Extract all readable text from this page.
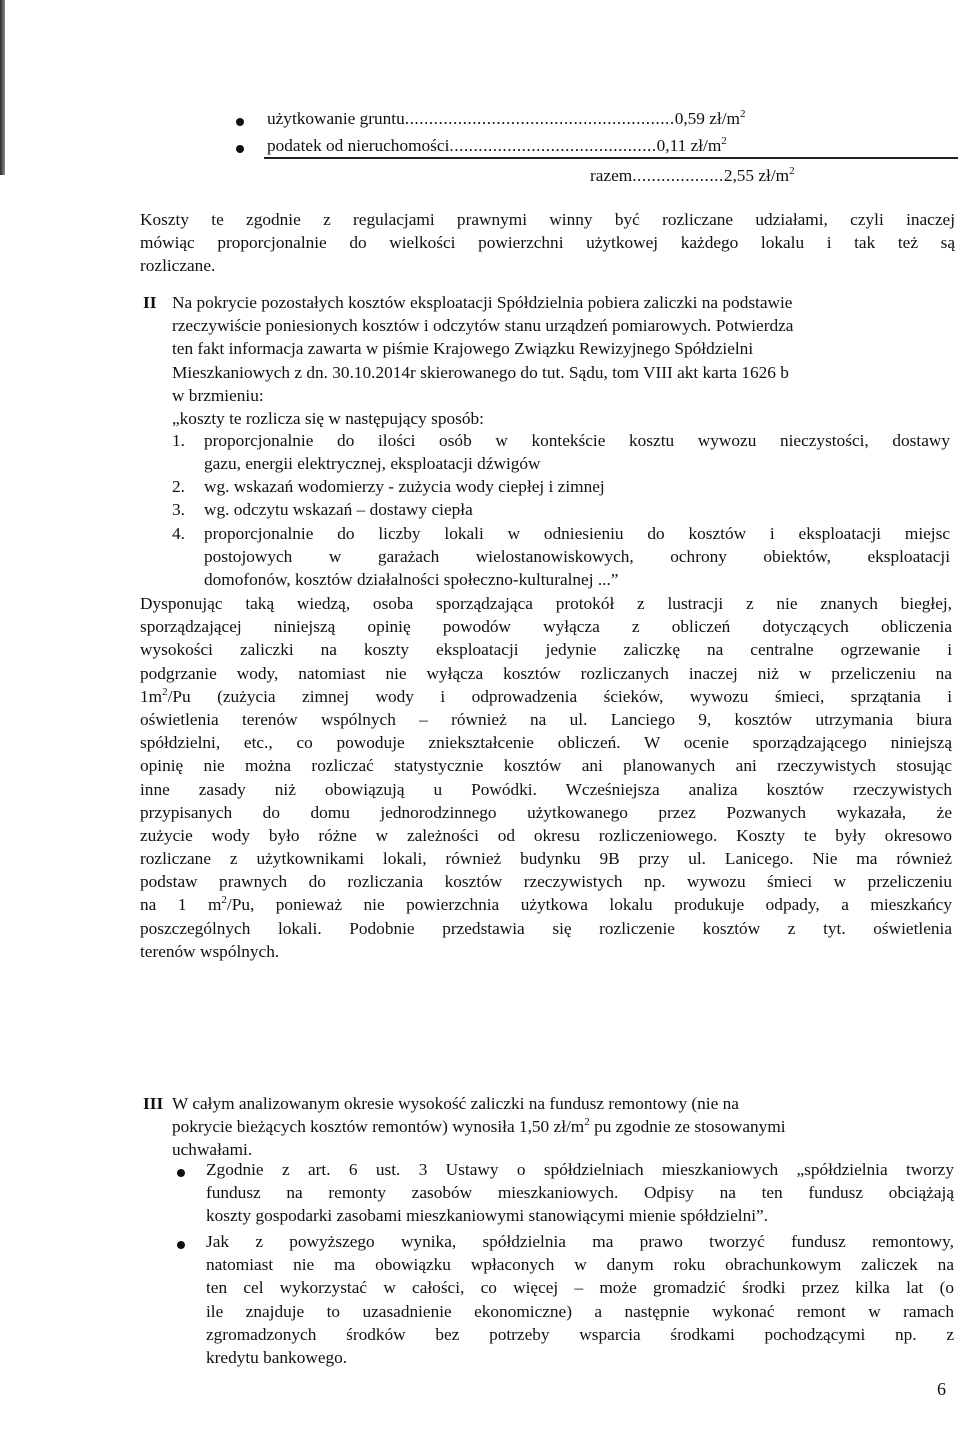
użytkowanie gruntu........................................................0,59 $zł/m^2$
podatek od nieruchomości...........................................0,11 $zł/m^2$
razem...................2,55 $zł/m^2$
Koszty te zgodnie z regulacjami prawnymi winny być rozliczane udziałami, czyli inaczej
mówiąc proporcjonalnie do wielkości powierzchni użytkowej każdego lokalu i tak też są
rozliczane.
II Na pokrycie pozostałych kosztów eksploatacji Spółdzielnia pobiera zaliczki na podstawie
rzeczywiście poniesionych kosztów i odczytów stanu urządzeń pomiarowych. Potwierdza
ten fakt informacja zawarta w piśmie Krajowego Związku Rewizyjnego Spółdzielni
Mieszkaniowych z dn. 30.10.2014r skierowanego do tut. Sądu, tom VIII akt karta 1626 b
w brzmieniu:
„koszty te rozlicza się w następujący sposób:
1. proporcjonalnie do ilości osób w kontekście kosztu wywozu nieczystości, dostawy
gazu, energii elektrycznej, eksploatacji dźwigów
2. wg. wskazań wodomierzy - zużycia wody ciepłej i zimnej
3. wg. odczytu wskazań – dostawy ciepła
4. proporcjonalnie do liczby lokali w odniesieniu do kosztów i eksploatacji miejsc
postojowych w garażach wielostanowiskowych, ochrony obiektów, eksploatacji
domofonów, kosztów działalności społeczno-kulturalnej ...”
Dysponując taką wiedzą, osoba sporządzająca protokół z lustracji z nie znanych biegłej,
sporządzającej niniejszą opinię powodów wyłącza z obliczeń dotyczących obliczenia
wysokości zaliczki na koszty eksploatacji jedynie zaliczkę na centralne ogrzewanie i
podgrzanie wody, natomiast nie wyłącza kosztów rozliczanych inaczej niż w przeliczeniu na
$1m^2/Pu$ (zużycia zimnej wody i odprowadzenia ścieków, wywozu śmieci, sprzątania i
oświetlenia terenów wspólnych – również na ul. Lanciego 9, kosztów utrzymania biura
spółdzielni, etc., co powoduje zniekształcenie obliczeń. W ocenie sporządzającego niniejszą
opinię nie można rozliczać statystycznie kosztów ani planowanych ani rzeczywistych stosując
inne zasady niż obowiązują u Powódki. Wcześniejsza analiza kosztów rzeczywistych
przypisanych do domu jednorodzinnego użytkowanego przez Pozwanych wykazała, że
zużycie wody było różne w zależności od okresu rozliczeniowego. Koszty te były okresowo
rozliczane z użytkownikami lokali, również budynku 9B przy ul. Lanicego. Nie ma również
podstaw prawnych do rozliczania kosztów rzeczywistych np. wywozu śmieci w przeliczeniu
na 1 $m^2/Pu$, ponieważ nie powierzchnia użytkowa lokalu produkuje odpady, a mieszkańcy
poszczególnych lokali. Podobnie przedstawia się rozliczenie kosztów z tyt. oświetlenia
terenów wspólnych.
III W całym analizowanym okresie wysokość zaliczki na fundusz remontowy (nie na
pokrycie bieżących kosztów remontów) wynosiła 1,50 $zł/m^2$ pu zgodnie ze stosowanymi
uchwałami.
Zgodnie z art. 6 ust. 3 Ustawy o spółdzielniach mieszkaniowych „spółdzielnia tworzy
fundusz na remonty zasobów mieszkaniowych. Odpisy na ten fundusz obciążają
koszty gospodarki zasobami mieszkaniowymi stanowiącymi mienie spółdzielni”.
Jak z powyższego wynika, spółdzielnia ma prawo tworzyć fundusz remontowy,
natomiast nie ma obowiązku wpłaconych w danym roku obrachunkowym zaliczek na
ten cel wykorzystać w całości, co więcej – może gromadzić środki przez kilka lat (o
ile znajduje to uzasadnienie ekonomiczne) a następnie wykonać remont w ramach
zgromadzonych środków bez potrzeby wsparcia środkami pochodzącymi np. z
kredytu bankowego.
6
